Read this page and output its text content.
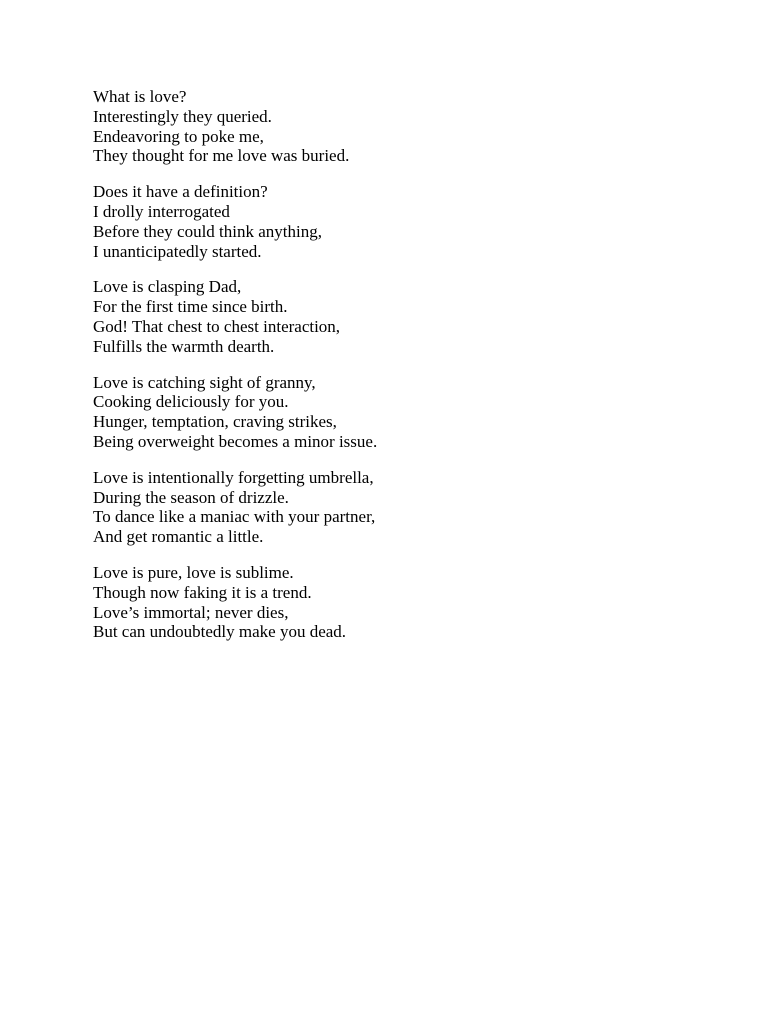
What is love?
Interestingly they queried.
Endeavoring to poke me,
They thought for me love was buried.
Does it have a definition?
I drolly interrogated
Before they could think anything,
I unanticipatedly started.
Love is clasping Dad,
For the first time since birth.
God! That chest to chest interaction,
Fulfills the warmth dearth.
Love is catching sight of granny,
Cooking deliciously for you.
Hunger, temptation, craving strikes,
Being overweight becomes a minor issue.
Love is intentionally forgetting umbrella,
During the season of drizzle.
To dance like a maniac with your partner,
And get romantic a little.
Love is pure, love is sublime.
Though now faking it is a trend.
Love’s immortal; never dies,
But can undoubtedly make you dead.
